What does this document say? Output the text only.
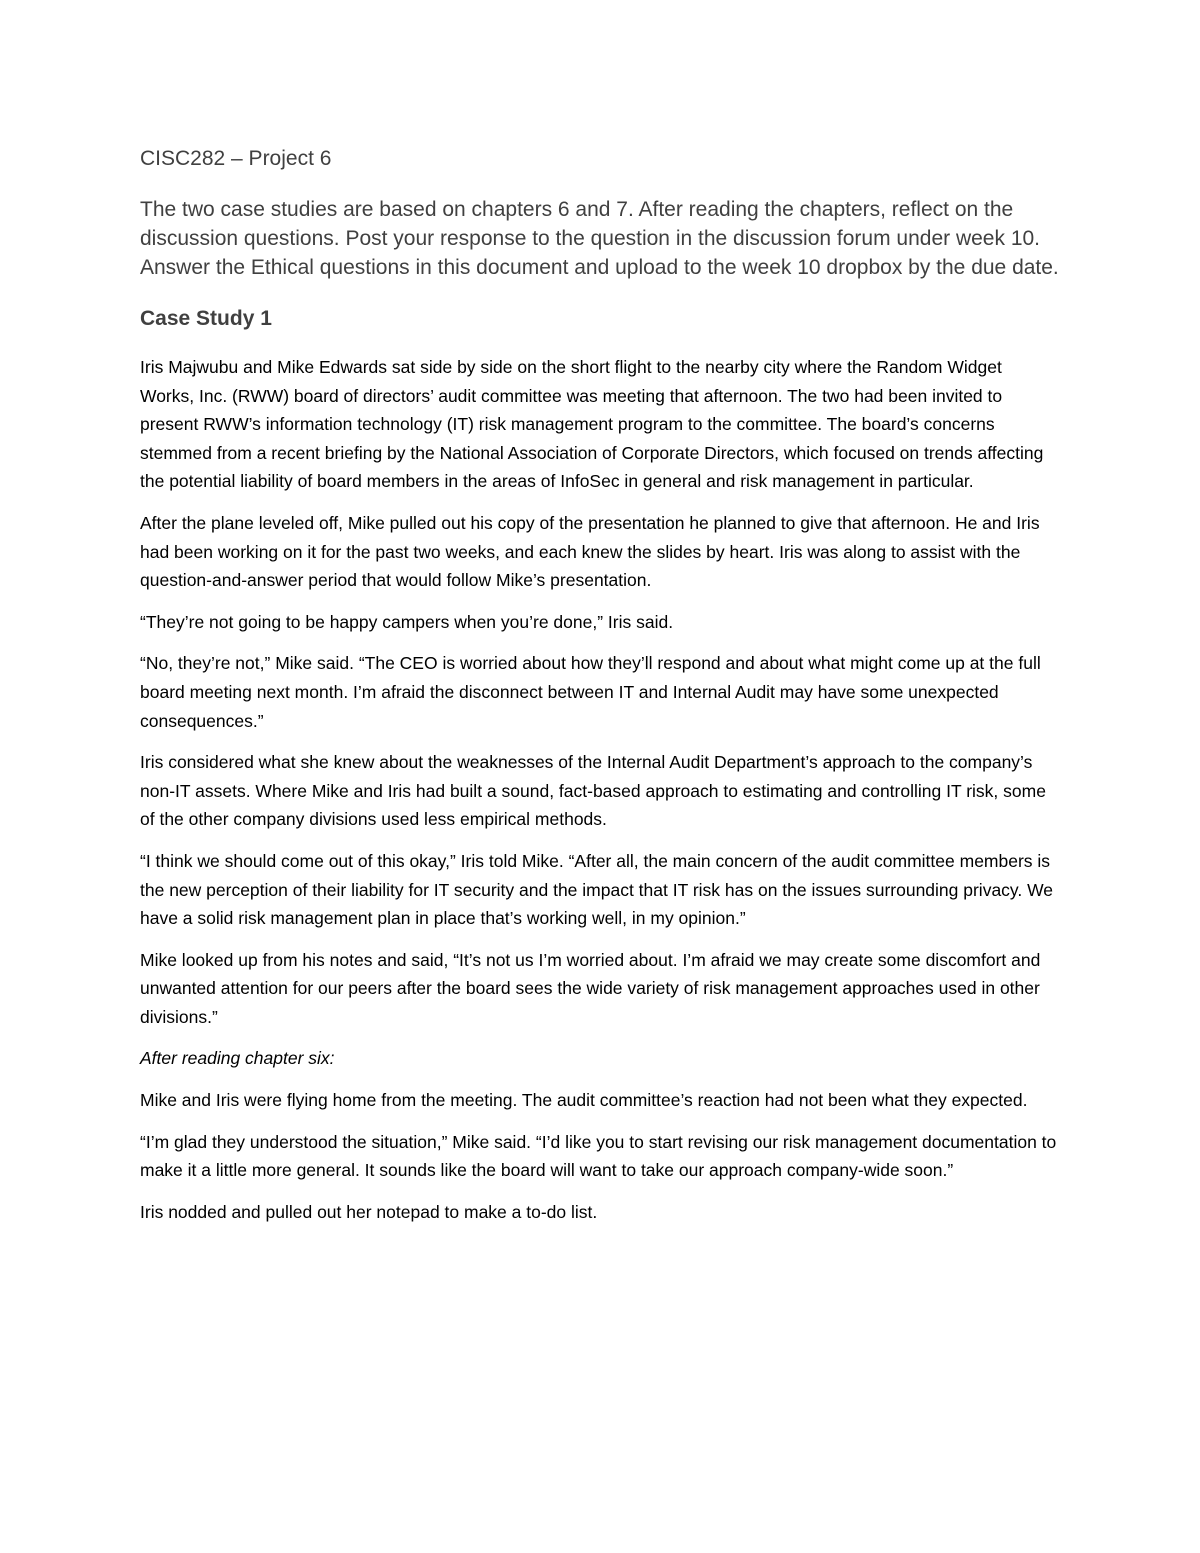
CISC282 – Project 6

The two case studies are based on chapters 6 and 7. After reading the chapters, reflect on the discussion questions. Post your response to the question in the discussion forum under week 10. Answer the Ethical questions in this document and upload to the week 10 dropbox by the due date.

Case Study 1

Iris Majwubu and Mike Edwards sat side by side on the short flight to the nearby city where the Random Widget Works, Inc. (RWW) board of directors’ audit committee was meeting that afternoon. The two had been invited to present RWW’s information technology (IT) risk management program to the committee. The board’s concerns stemmed from a recent briefing by the National Association of Corporate Directors, which focused on trends affecting the potential liability of board members in the areas of InfoSec in general and risk management in particular.

After the plane leveled off, Mike pulled out his copy of the presentation he planned to give that afternoon. He and Iris had been working on it for the past two weeks, and each knew the slides by heart. Iris was along to assist with the question-and-answer period that would follow Mike’s presentation.

“They’re not going to be happy campers when you’re done,” Iris said.

“No, they’re not,” Mike said. “The CEO is worried about how they’ll respond and about what might come up at the full board meeting next month. I’m afraid the disconnect between IT and Internal Audit may have some unexpected consequences.”

Iris considered what she knew about the weaknesses of the Internal Audit Department’s approach to the company’s non-IT assets. Where Mike and Iris had built a sound, fact-based approach to estimating and controlling IT risk, some of the other company divisions used less empirical methods.

“I think we should come out of this okay,” Iris told Mike. “After all, the main concern of the audit committee members is the new perception of their liability for IT security and the impact that IT risk has on the issues surrounding privacy. We have a solid risk management plan in place that’s working well, in my opinion.”

Mike looked up from his notes and said, “It’s not us I’m worried about. I’m afraid we may create some discomfort and unwanted attention for our peers after the board sees the wide variety of risk management approaches used in other divisions.”

After reading chapter six:

Mike and Iris were flying home from the meeting. The audit committee’s reaction had not been what they expected.

“I’m glad they understood the situation,” Mike said. “I’d like you to start revising our risk management documentation to make it a little more general. It sounds like the board will want to take our approach company-wide soon.”

Iris nodded and pulled out her notepad to make a to-do list.
